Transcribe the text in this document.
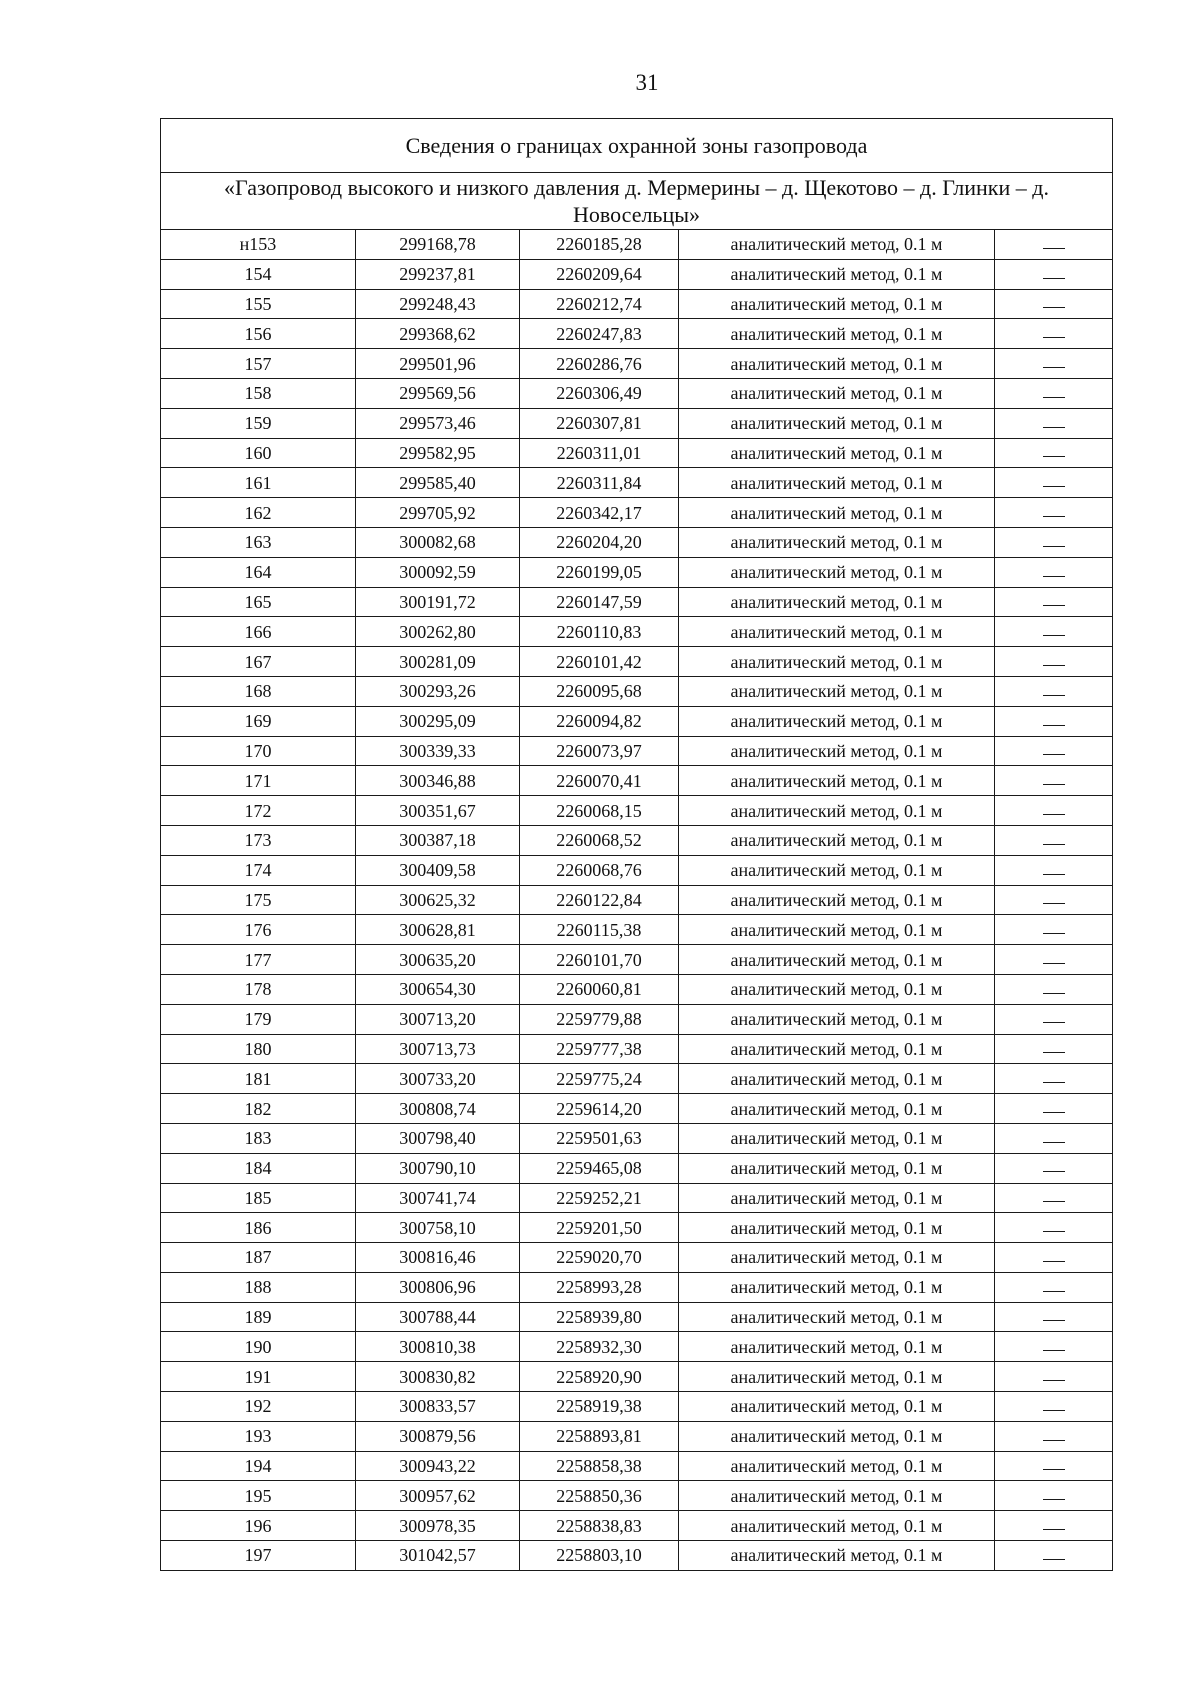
31
Сведения о границах охранной зоны газопровода				
«Газопровод высокого и низкого давления д. Мермерины – д. Щекотово – д. Глинки – д. Новосельцы»				
н153	299168,78	2260185,28	аналитический метод, 0.1 м	
154	299237,81	2260209,64	аналитический метод, 0.1 м	
155	299248,43	2260212,74	аналитический метод, 0.1 м	
156	299368,62	2260247,83	аналитический метод, 0.1 м	
157	299501,96	2260286,76	аналитический метод, 0.1 м	
158	299569,56	2260306,49	аналитический метод, 0.1 м	
159	299573,46	2260307,81	аналитический метод, 0.1 м	
160	299582,95	2260311,01	аналитический метод, 0.1 м	
161	299585,40	2260311,84	аналитический метод, 0.1 м	
162	299705,92	2260342,17	аналитический метод, 0.1 м	
163	300082,68	2260204,20	аналитический метод, 0.1 м	
164	300092,59	2260199,05	аналитический метод, 0.1 м	
165	300191,72	2260147,59	аналитический метод, 0.1 м	
166	300262,80	2260110,83	аналитический метод, 0.1 м	
167	300281,09	2260101,42	аналитический метод, 0.1 м	
168	300293,26	2260095,68	аналитический метод, 0.1 м	
169	300295,09	2260094,82	аналитический метод, 0.1 м	
170	300339,33	2260073,97	аналитический метод, 0.1 м	
171	300346,88	2260070,41	аналитический метод, 0.1 м	
172	300351,67	2260068,15	аналитический метод, 0.1 м	
173	300387,18	2260068,52	аналитический метод, 0.1 м	
174	300409,58	2260068,76	аналитический метод, 0.1 м	
175	300625,32	2260122,84	аналитический метод, 0.1 м	
176	300628,81	2260115,38	аналитический метод, 0.1 м	
177	300635,20	2260101,70	аналитический метод, 0.1 м	
178	300654,30	2260060,81	аналитический метод, 0.1 м	
179	300713,20	2259779,88	аналитический метод, 0.1 м	
180	300713,73	2259777,38	аналитический метод, 0.1 м	
181	300733,20	2259775,24	аналитический метод, 0.1 м	
182	300808,74	2259614,20	аналитический метод, 0.1 м	
183	300798,40	2259501,63	аналитический метод, 0.1 м	
184	300790,10	2259465,08	аналитический метод, 0.1 м	
185	300741,74	2259252,21	аналитический метод, 0.1 м	
186	300758,10	2259201,50	аналитический метод, 0.1 м	
187	300816,46	2259020,70	аналитический метод, 0.1 м	
188	300806,96	2258993,28	аналитический метод, 0.1 м	
189	300788,44	2258939,80	аналитический метод, 0.1 м	
190	300810,38	2258932,30	аналитический метод, 0.1 м	
191	300830,82	2258920,90	аналитический метод, 0.1 м	
192	300833,57	2258919,38	аналитический метод, 0.1 м	
193	300879,56	2258893,81	аналитический метод, 0.1 м	
194	300943,22	2258858,38	аналитический метод, 0.1 м	
195	300957,62	2258850,36	аналитический метод, 0.1 м	
196	300978,35	2258838,83	аналитический метод, 0.1 м	
197	301042,57	2258803,10	аналитический метод, 0.1 м	
